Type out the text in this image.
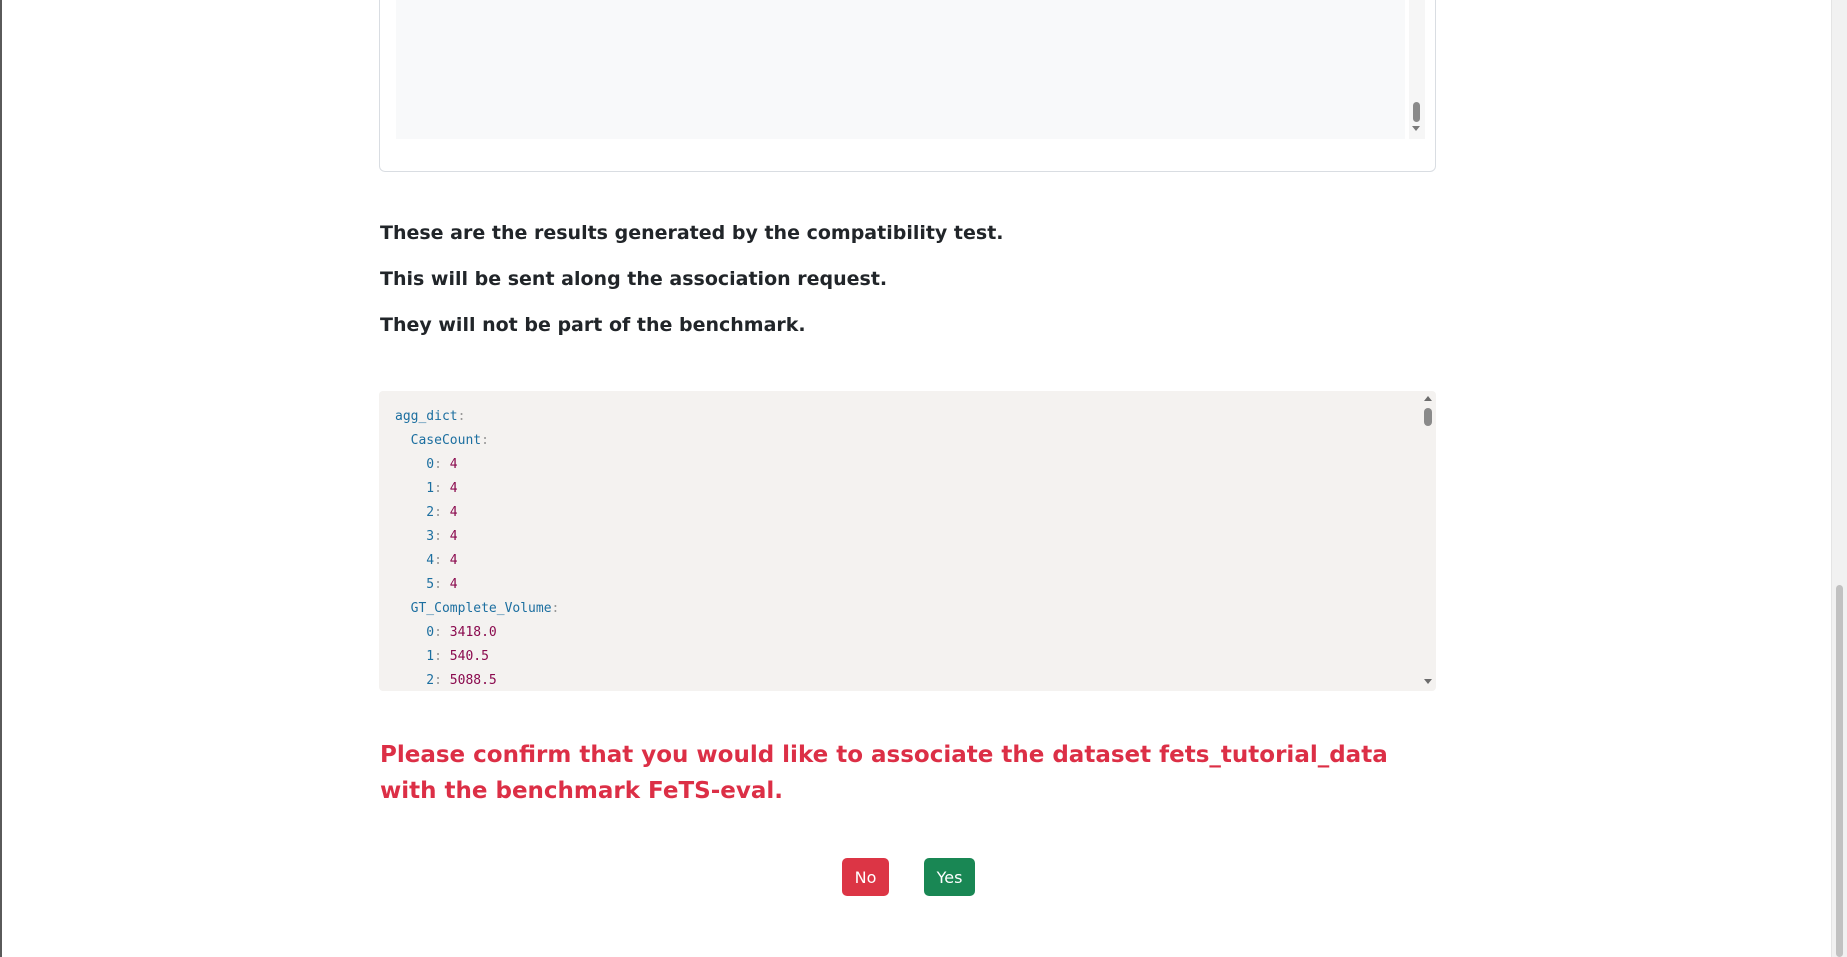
These are the results generated by the compatibility test.

This will be sent along the association request.

They will not be part of the benchmark.

agg_dict:
CaseCount:
0: 4
1: 4
2: 4
3: 4
4: 4
5: 4
GT_Complete_Volume:
0: 3418.0
1: 540.5
2: 5088.5

Please confirm that you would like to associate the dataset fets_tutorial_data with the benchmark FeTS-eval.

No	Yes
